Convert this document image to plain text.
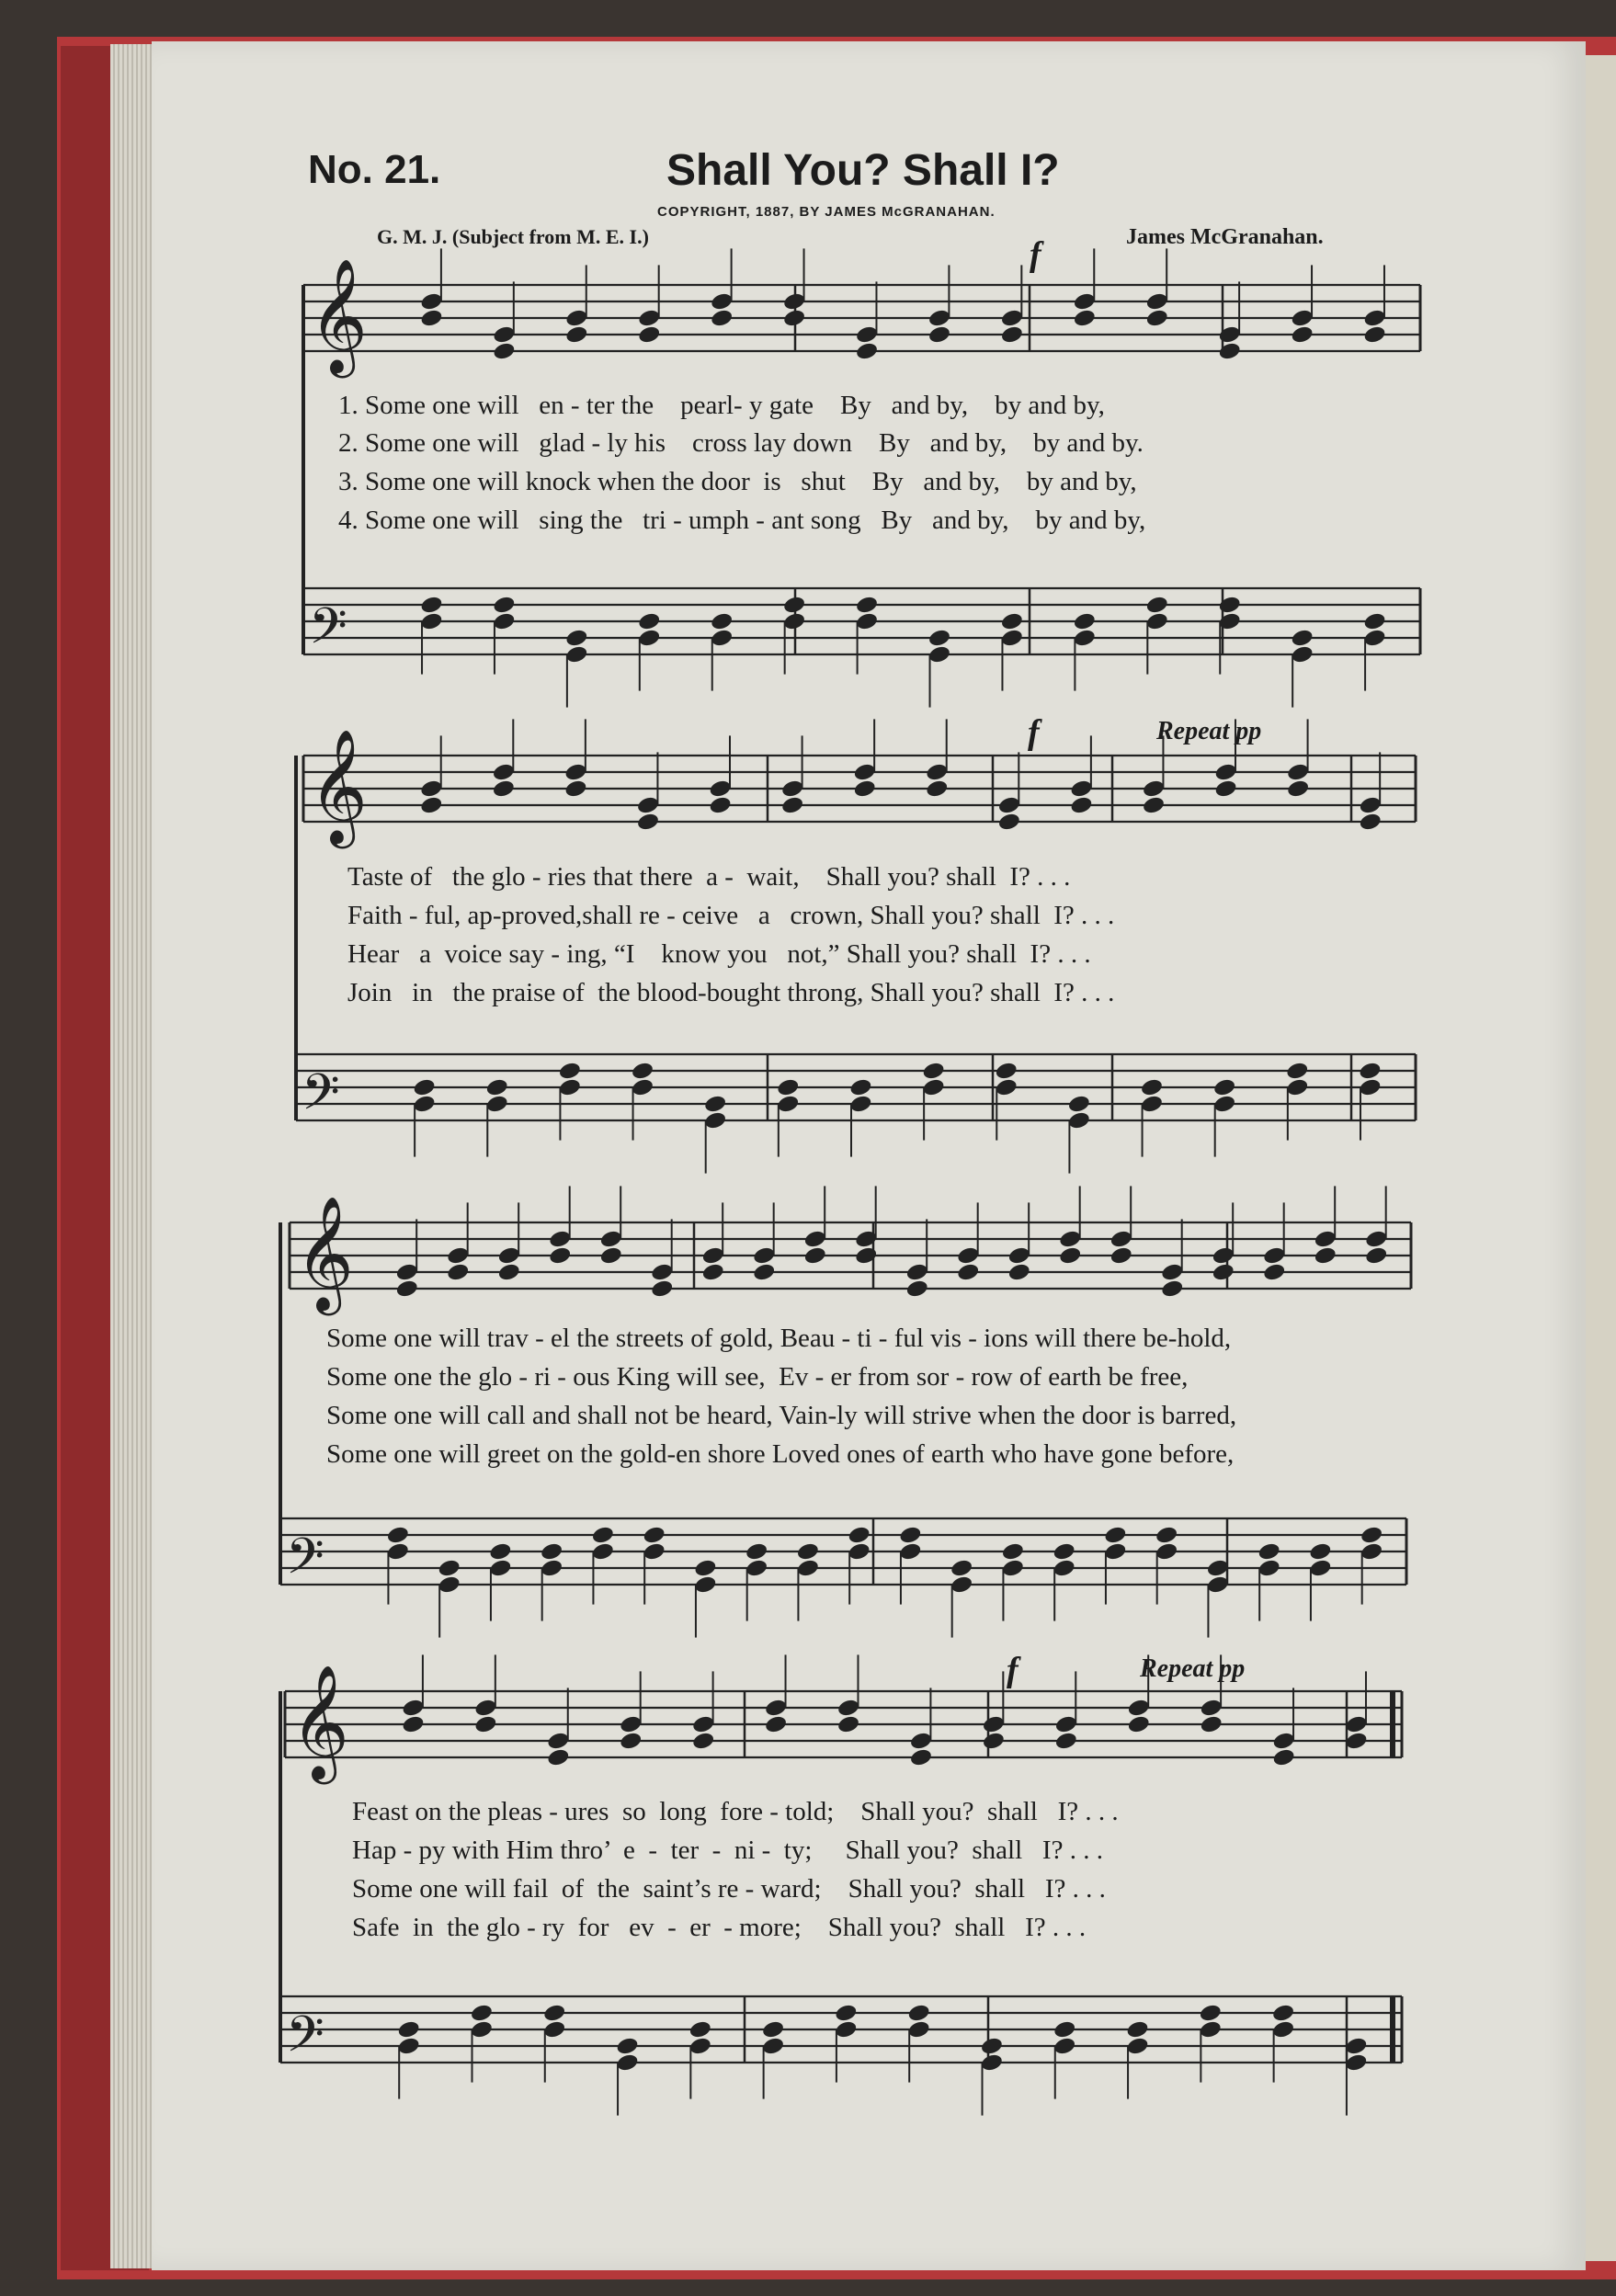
No. 21.	Shall You? Shall I?
COPYRIGHT, 1887, BY JAMES McGRANAHAN.
G. M. J. (Subject from M. E. I.)	James McGranahan.
f
f	Repeat pp
f	Repeat pp
1. Some one will   en - ter the    pearl- y gate    By   and by,    by and by,
2. Some one will   glad - ly his    cross lay down    By   and by,    by and by.
3. Some one will knock when the door  is   shut    By   and by,    by and by,
4. Some one will   sing the   tri - umph - ant song   By   and by,    by and by,
Taste of   the glo - ries that there  a -  wait,    Shall you? shall  I? . . .
Faith - ful, ap-proved,shall re - ceive   a   crown, Shall you? shall  I? . . .
Hear   a  voice say - ing, “I    know you   not,” Shall you? shall  I? . . .
Join   in   the praise of  the blood-bought throng, Shall you? shall  I? . . .
Some one will trav - el the streets of gold, Beau - ti - ful vis - ions will there be-hold,
Some one the glo - ri - ous King will see,  Ev - er from sor - row of earth be free,
Some one will call and shall not be heard, Vain-ly will strive when the door is barred,
Some one will greet on the gold-en shore Loved ones of earth who have gone before,
Feast on the pleas - ures  so  long  fore - told;    Shall you?  shall   I? . . .
Hap - py with Him thro’  e  -  ter  -  ni -  ty;     Shall you?  shall   I? . . .
Some one will fail  of  the  saint’s re - ward;    Shall you?  shall   I? . . .
Safe  in  the glo - ry  for   ev  -  er  - more;    Shall you?  shall   I? . . .
𝄞
𝄢
𝄞
𝄢
𝄞
𝄢
𝄞
𝄢
